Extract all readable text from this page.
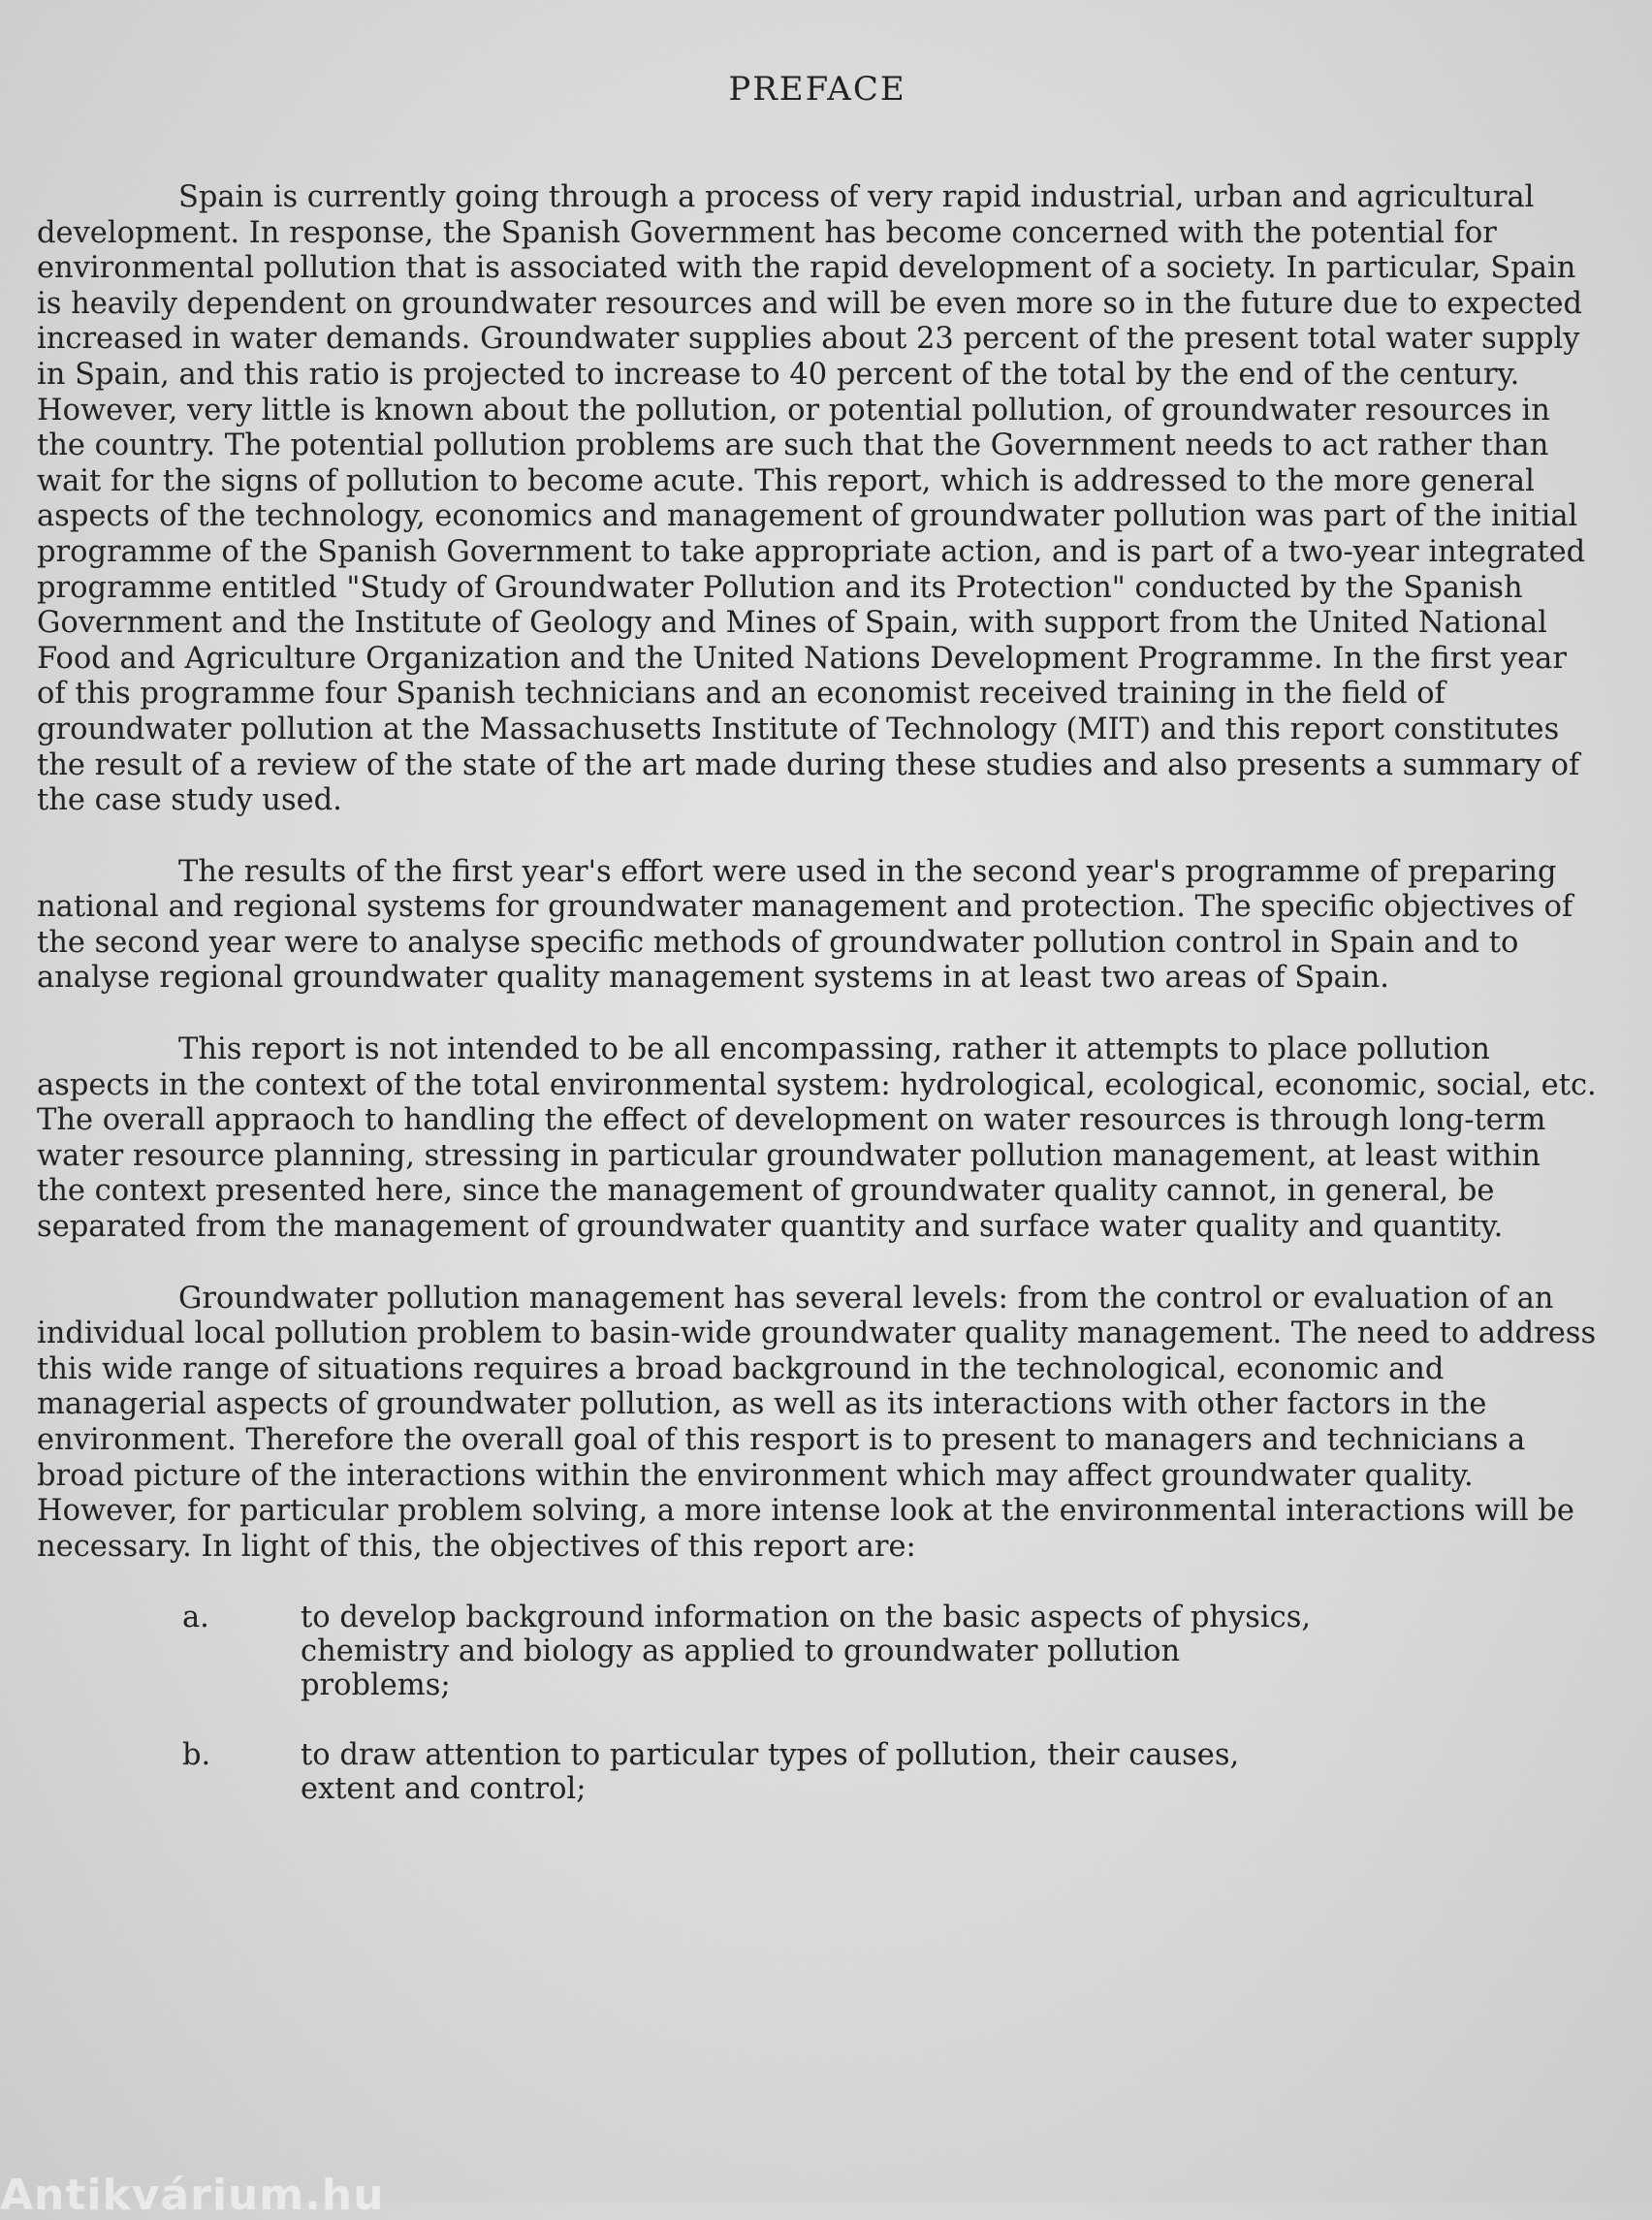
PREFACE

Spain is currently going through a process of very rapid industrial, urban and agricultural development. In response, the Spanish Government has become concerned with the potential for environmental pollution that is associated with the rapid development of a society. In particular, Spain is heavily dependent on groundwater resources and will be even more so in the future due to expected increased in water demands. Groundwater supplies about 23 percent of the present total water supply in Spain, and this ratio is projected to increase to 40 percent of the total by the end of the century. However, very little is known about the pollution, or potential pollution, of groundwater resources in the country. The potential pollution problems are such that the Government needs to act rather than wait for the signs of pollution to become acute. This report, which is addressed to the more general aspects of the technology, economics and management of groundwater pollution was part of the initial programme of the Spanish Government to take appropriate action, and is part of a two-year integrated programme entitled "Study of Groundwater Pollution and its Protection" conducted by the Spanish Government and the Institute of Geology and Mines of Spain, with support from the United National Food and Agriculture Organization and the United Nations Development Programme. In the first year of this programme four Spanish technicians and an economist received training in the field of groundwater pollution at the Massachusetts Institute of Technology (MIT) and this report constitutes the result of a review of the state of the art made during these studies and also presents a summary of the case study used.

The results of the first year's effort were used in the second year's programme of preparing national and regional systems for groundwater management and protection. The specific objectives of the second year were to analyse specific methods of groundwater pollution control in Spain and to analyse regional groundwater quality management systems in at least two areas of Spain.

This report is not intended to be all encompassing, rather it attempts to place pollution aspects in the context of the total environmental system: hydrological, ecological, economic, social, etc. The overall appraoch to handling the effect of development on water resources is through long-term water resource planning, stressing in particular groundwater pollution management, at least within the context presented here, since the management of groundwater quality cannot, in general, be separated from the management of groundwater quantity and surface water quality and quantity.

Groundwater pollution management has several levels: from the control or evaluation of an individual local pollution problem to basin-wide groundwater quality management. The need to address this wide range of situations requires a broad background in the technological, economic and managerial aspects of groundwater pollution, as well as its interactions with other factors in the environment. Therefore the overall goal of this resport is to present to managers and technicians a broad picture of the interactions within the environment which may affect groundwater quality. However, for particular problem solving, a more intense look at the environmental interactions will be necessary. In light of this, the objectives of this report are:

a.	to develop background information on the basic aspects of physics, chemistry and biology as applied to groundwater pollution problems;
b.	to draw attention to particular types of pollution, their causes, extent and control;
Antikvárium.hu
